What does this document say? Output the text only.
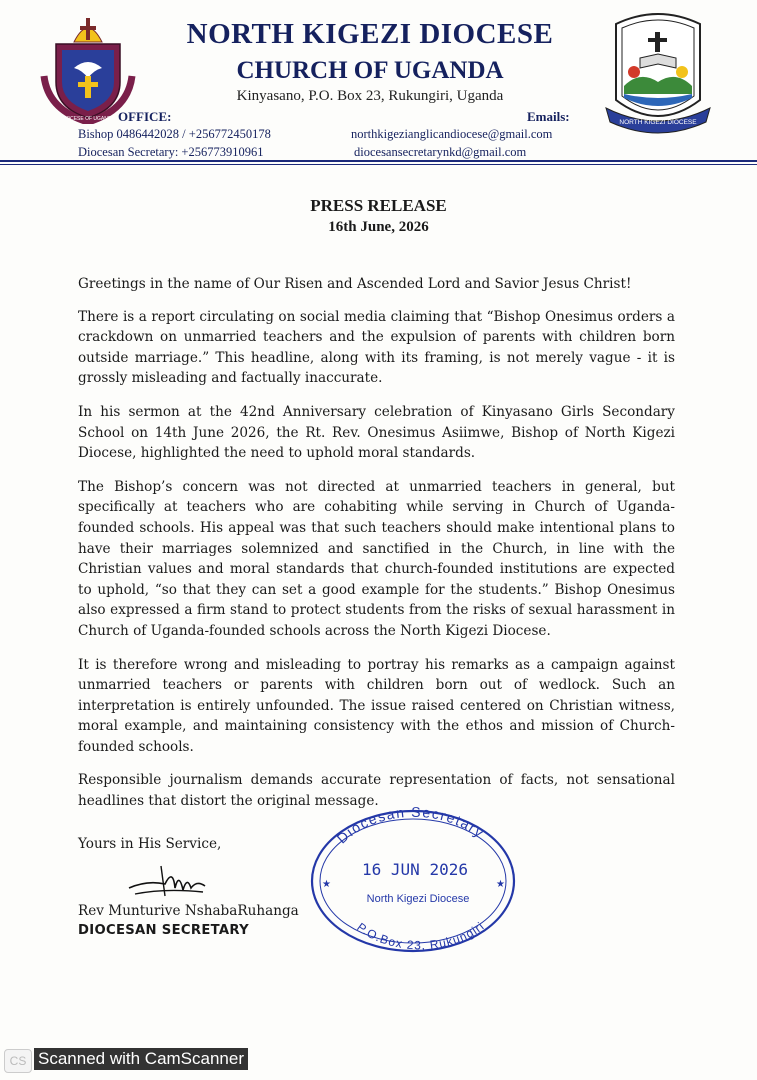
DIOCESE OF UGANDA
NORTH KIGEZI DIOCESE
CHURCH OF UGANDA
Kinyasano, P.O. Box 23, Rukungiri, Uganda
OFFICE:	Emails:
Bishop 0486442028 / +256772450178
Diocesan Secretary: +256773910961
northkigezianglicandiocese@gmail.com
diocesansecretarynkd@gmail.com
NORTH KIGEZI DIOCESE
PRESS RELEASE
16th June, 2026

Greetings in the name of Our Risen and Ascended Lord and Savior Jesus Christ!

There is a report circulating on social media claiming that “Bishop Onesimus orders a crackdown on unmarried teachers and the expulsion of parents with children born outside marriage.” This headline, along with its framing, is not merely vague - it is grossly misleading and factually inaccurate.

In his sermon at the 42nd Anniversary celebration of Kinyasano Girls Secondary School on 14th June 2026, the Rt. Rev. Onesimus Asiimwe, Bishop of North Kigezi Diocese, highlighted the need to uphold moral standards.

The Bishop’s concern was not directed at unmarried teachers in general, but specifically at teachers who are cohabiting while serving in Church of Uganda-founded schools. His appeal was that such teachers should make intentional plans to have their marriages solemnized and sanctified in the Church, in line with the Christian values and moral standards that church-founded institutions are expected to uphold, “so that they can set a good example for the students.” Bishop Onesimus also expressed a firm stand to protect students from the risks of sexual harassment in Church of Uganda-founded schools across the North Kigezi Diocese.

It is therefore wrong and misleading to portray his remarks as a campaign against unmarried teachers or parents with children born out of wedlock. Such an interpretation is entirely unfounded. The issue raised centered on Christian witness, moral example, and maintaining consistency with the ethos and mission of Church-founded schools.

Responsible journalism demands accurate representation of facts, not sensational headlines that distort the original message.

Yours in His Service,
Rev Munturive NshabaRuhanga
DIOCESAN SECRETARY
Diocesan Secretary
P.O.Box 23, Rukungiri
★	★
16 JUN 2026
North Kigezi Diocese
CS Scanned with CamScanner
